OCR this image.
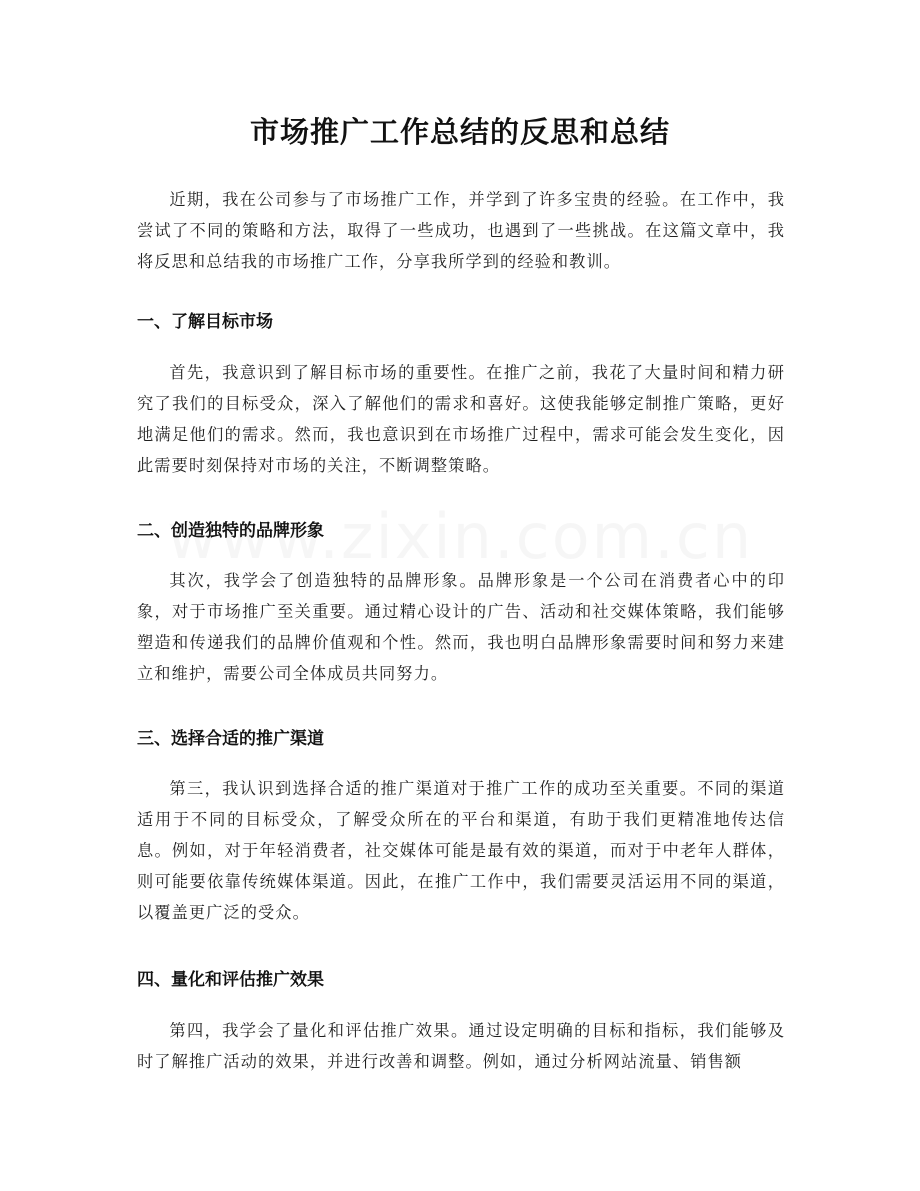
市场推广工作总结的反思和总结

近期，我在公司参与了市场推广工作，并学到了许多宝贵的经验。在工作中，我尝试了不同的策略和方法，取得了一些成功，也遇到了一些挑战。在这篇文章中，我将反思和总结我的市场推广工作，分享我所学到的经验和教训。

一、了解目标市场

首先，我意识到了解目标市场的重要性。在推广之前，我花了大量时间和精力研究了我们的目标受众，深入了解他们的需求和喜好。这使我能够定制推广策略，更好地满足他们的需求。然而，我也意识到在市场推广过程中，需求可能会发生变化，因此需要时刻保持对市场的关注，不断调整策略。

二、创造独特的品牌形象

其次，我学会了创造独特的品牌形象。品牌形象是一个公司在消费者心中的印象，对于市场推广至关重要。通过精心设计的广告、活动和社交媒体策略，我们能够塑造和传递我们的品牌价值观和个性。然而，我也明白品牌形象需要时间和努力来建立和维护，需要公司全体成员共同努力。

三、选择合适的推广渠道

第三，我认识到选择合适的推广渠道对于推广工作的成功至关重要。不同的渠道适用于不同的目标受众，了解受众所在的平台和渠道，有助于我们更精准地传达信息。例如，对于年轻消费者，社交媒体可能是最有效的渠道，而对于中老年人群体，则可能要依靠传统媒体渠道。因此，在推广工作中，我们需要灵活运用不同的渠道，以覆盖更广泛的受众。

四、量化和评估推广效果

第四，我学会了量化和评估推广效果。通过设定明确的目标和指标，我们能够及时了解推广活动的效果，并进行改善和调整。例如，通过分析网站流量、销售额
